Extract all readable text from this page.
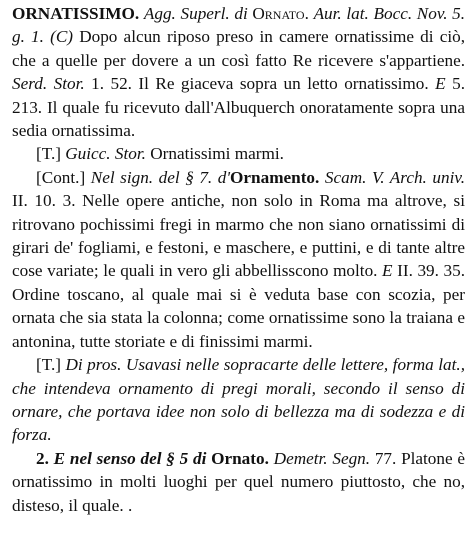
ORNATISSIMO. Agg. Superl. di Ornato. Aur. lat. Bocc. Nov. 5. g. 1. (C) Dopo alcun riposo preso in camere ornatissime di ciò, che a quelle per dovere a un così fatto Re ricevere s'appartiene. Serd. Stor. 1. 52. Il Re giaceva sopra un letto ornatissimo. E 5. 213. Il quale fu ricevuto dall'Albuquerch onoratamente sopra una sedia ornatissima.

[T.] Guicc. Stor. Ornatissimi marmi.

[Cont.] Nel sign. del § 7. d'Ornamento. Scam. V. Arch. univ. II. 10. 3. Nelle opere antiche, non solo in Roma ma altrove, si ritrovano pochissimi fregi in marmo che non siano ornatissimi di girari de' fogliami, e festoni, e maschere, e puttini, e di tante altre cose variate; le quali in vero gli abbellisscono molto. E II. 39. 35. Ordine toscano, al quale mai si è veduta base con scozia, per ornata che sia stata la colonna; come ornatissime sono la traiana e antonina, tutte storiate e di finissimi marmi.

[T.] Di pros. Usavasi nelle sopracarte delle lettere, forma lat., che intendeva ornamento di pregi morali, secondo il senso di ornare, che portava idee non solo di bellezza ma di sodezza e di forza.

2. E nel senso del § 5 di Ornato. Demetr. Segn. 77. Platone è ornatissimo in molti luoghi per quel numero piuttosto, che no, disteso, il quale. .
